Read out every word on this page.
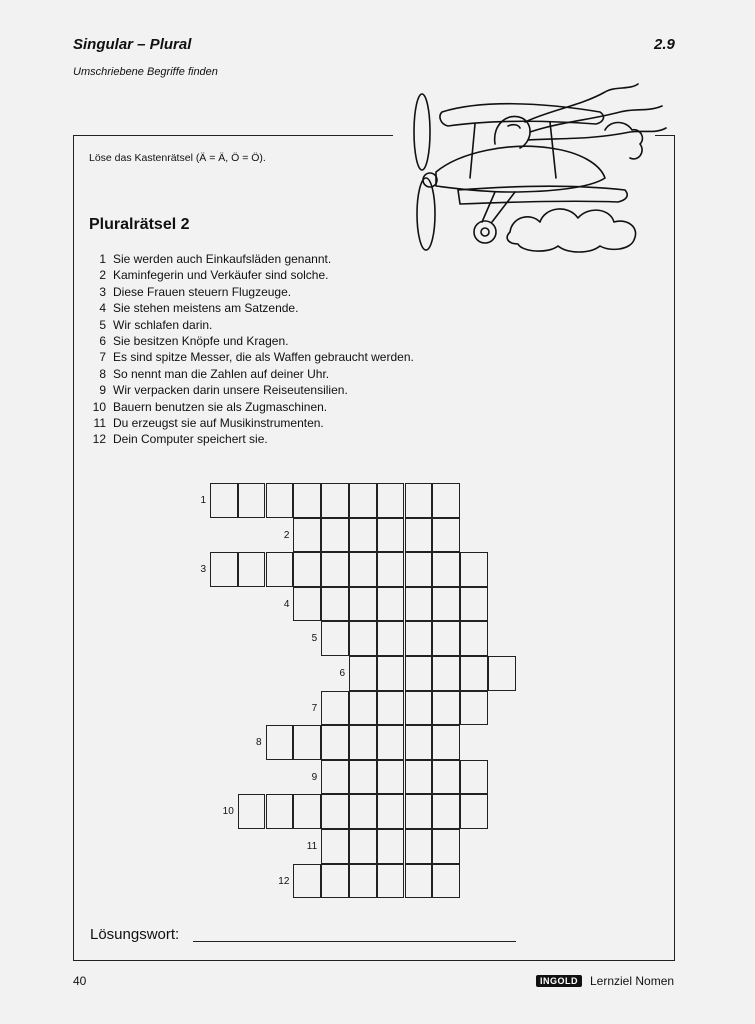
Singular – Plural	2.9
Umschriebene Begriffe finden
Löse das Kastenrätsel (Ä = Ä, Ö = Ö).
Pluralrätsel 2
1 Sie werden auch Einkaufsläden genannt.
2 Kaminfegerin und Verkäufer sind solche.
3 Diese Frauen steuern Flugzeuge.
4 Sie stehen meistens am Satzende.
5 Wir schlafen darin.
6 Sie besitzen Knöpfe und Kragen.
7 Es sind spitze Messer, die als Waffen gebraucht werden.
8 So nennt man die Zahlen auf deiner Uhr.
9 Wir verpacken darin unsere Reiseutensilien.
10 Bauern benutzen sie als Zugmaschinen.
11 Du erzeugst sie auf Musikinstrumenten.
12 Dein Computer speichert sie.
1
2
3
4
5
6
7
8
9
10
11
12
Lösungswort:
40	INGOLD	Lernziel Nomen
